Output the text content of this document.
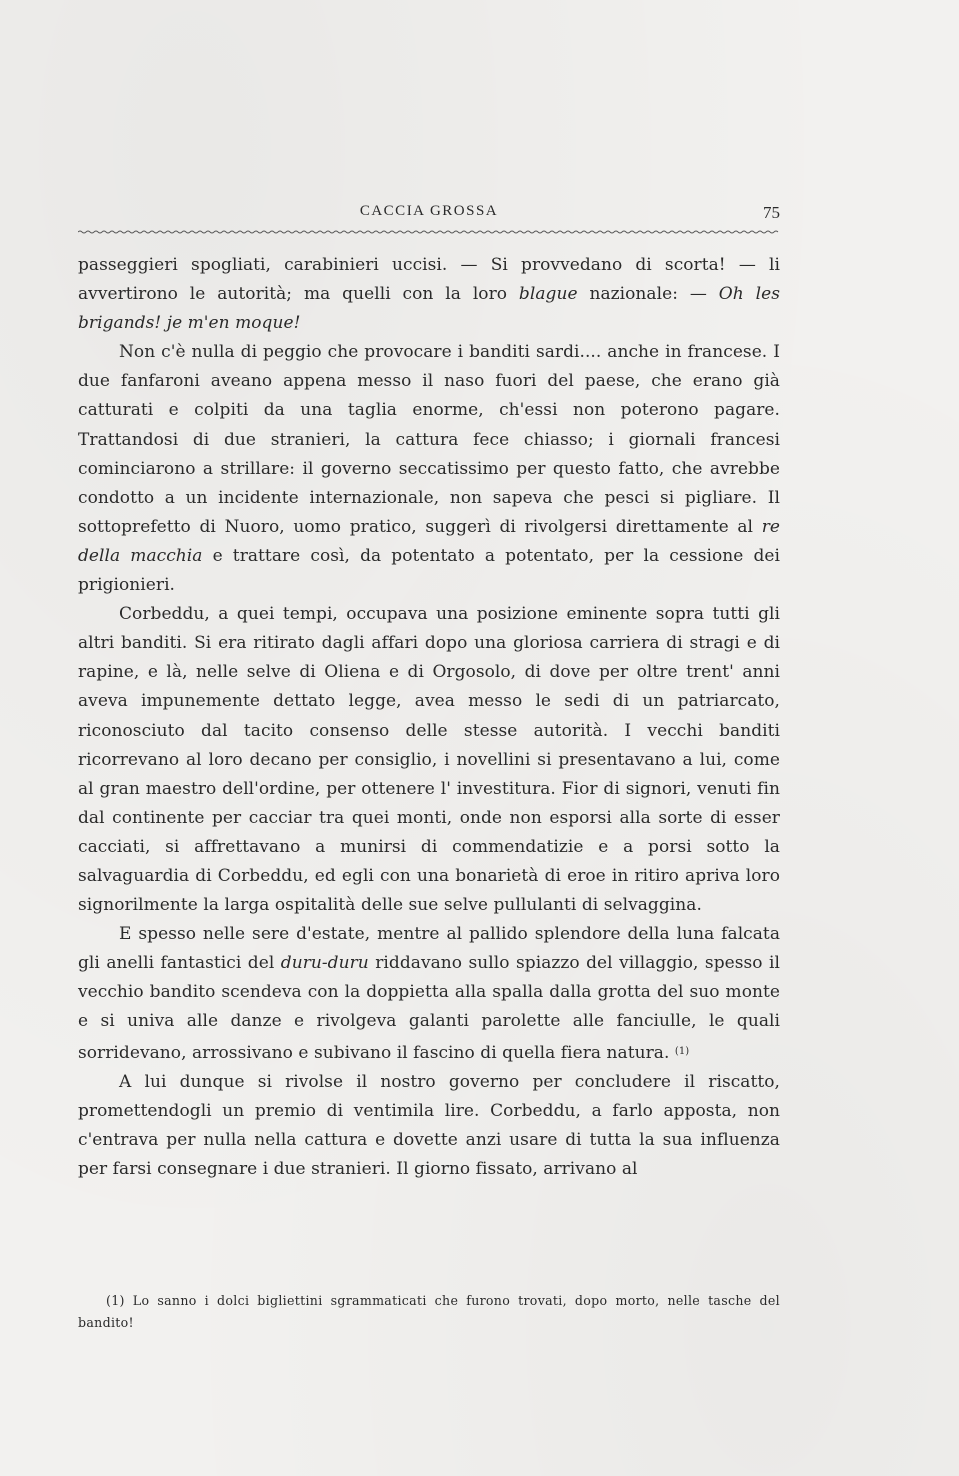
CACCIA GROSSA	75

passeggieri spogliati, carabinieri uccisi. — Si provvedano di scorta! — li avvertirono le autorità; ma quelli con la loro blague nazionale: — Oh les brigands! je m'en moque!

Non c'è nulla di peggio che provocare i banditi sardi.... anche in francese. I due fanfaroni aveano appena messo il naso fuori del paese, che erano già catturati e colpiti da una taglia enorme, ch'essi non poterono pagare. Trattandosi di due stranieri, la cattura fece chiasso; i giornali francesi cominciarono a strillare: il governo seccatissimo per questo fatto, che avrebbe condotto a un incidente internazionale, non sapeva che pesci si pigliare. Il sottoprefetto di Nuoro, uomo pratico, suggerì di rivolgersi direttamente al re della macchia e trattare così, da potentato a potentato, per la cessione dei prigionieri.

Corbeddu, a quei tempi, occupava una posizione eminente sopra tutti gli altri banditi. Si era ritirato dagli affari dopo una gloriosa carriera di stragi e di rapine, e là, nelle selve di Oliena e di Orgosolo, di dove per oltre trent' anni aveva impunemente dettato legge, avea messo le sedi di un patriarcato, riconosciuto dal tacito consenso delle stesse autorità. I vecchi banditi ricorrevano al loro decano per consiglio, i novellini si presentavano a lui, come al gran maestro dell'ordine, per ottenere l' investitura. Fior di signori, venuti fin dal continente per cacciar tra quei monti, onde non esporsi alla sorte di esser cacciati, si affrettavano a munirsi di commendatizie e a porsi sotto la salvaguardia di Corbeddu, ed egli con una bonarietà di eroe in ritiro apriva loro signorilmente la larga ospitalità delle sue selve pullulanti di selvaggina.

E spesso nelle sere d'estate, mentre al pallido splendore della luna falcata gli anelli fantastici del duru-duru riddavano sullo spiazzo del villaggio, spesso il vecchio bandito scendeva con la doppietta alla spalla dalla grotta del suo monte e si univa alle danze e rivolgeva galanti parolette alle fanciulle, le quali sorridevano, arrossivano e subivano il fascino di quella fiera natura. $^{(1)}$

A lui dunque si rivolse il nostro governo per concludere il riscatto, promettendogli un premio di ventimila lire. Corbeddu, a farlo apposta, non c'entrava per nulla nella cattura e dovette anzi usare di tutta la sua influenza per farsi consegnare i due stranieri. Il giorno fissato, arrivano al

(1) Lo sanno i dolci bigliettini sgrammaticati che furono trovati, dopo morto, nelle tasche del bandito!
